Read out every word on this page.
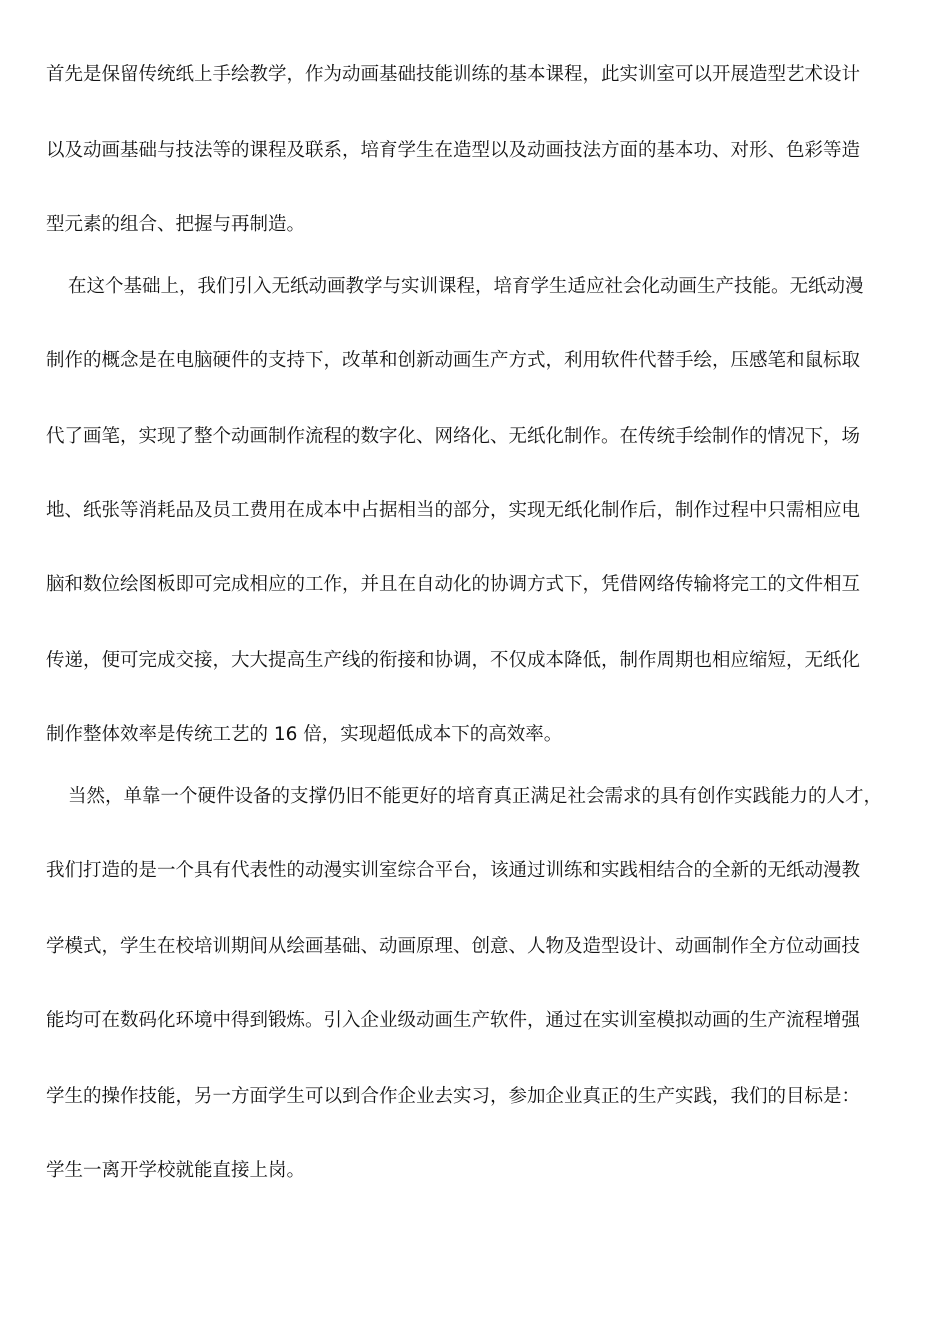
首先是保留传统纸上手绘教学，作为动画基础技能训练的基本课程，此实训室可以开展造型艺术设计
以及动画基础与技法等的课程及联系，培育学生在造型以及动画技法方面的基本功、对形、色彩等造
型元素的组合、把握与再制造。
在这个基础上，我们引入无纸动画教学与实训课程，培育学生适应社会化动画生产技能。无纸动漫
制作的概念是在电脑硬件的支持下，改革和创新动画生产方式，利用软件代替手绘，压感笔和鼠标取
代了画笔，实现了整个动画制作流程的数字化、网络化、无纸化制作。在传统手绘制作的情况下，场
地、纸张等消耗品及员工费用在成本中占据相当的部分，实现无纸化制作后，制作过程中只需相应电
脑和数位绘图板即可完成相应的工作，并且在自动化的协调方式下，凭借网络传输将完工的文件相互
传递，便可完成交接，大大提高生产线的衔接和协调，不仅成本降低，制作周期也相应缩短，无纸化
制作整体效率是传统工艺的 16 倍，实现超低成本下的高效率。
当然，单靠一个硬件设备的支撑仍旧不能更好的培育真正满足社会需求的具有创作实践能力的人才，
我们打造的是一个具有代表性的动漫实训室综合平台，该通过训练和实践相结合的全新的无纸动漫教
学模式，学生在校培训期间从绘画基础、动画原理、创意、人物及造型设计、动画制作全方位动画技
能均可在数码化环境中得到锻炼。引入企业级动画生产软件，通过在实训室模拟动画的生产流程增强
学生的操作技能，另一方面学生可以到合作企业去实习，参加企业真正的生产实践，我们的目标是：
学生一离开学校就能直接上岗。
